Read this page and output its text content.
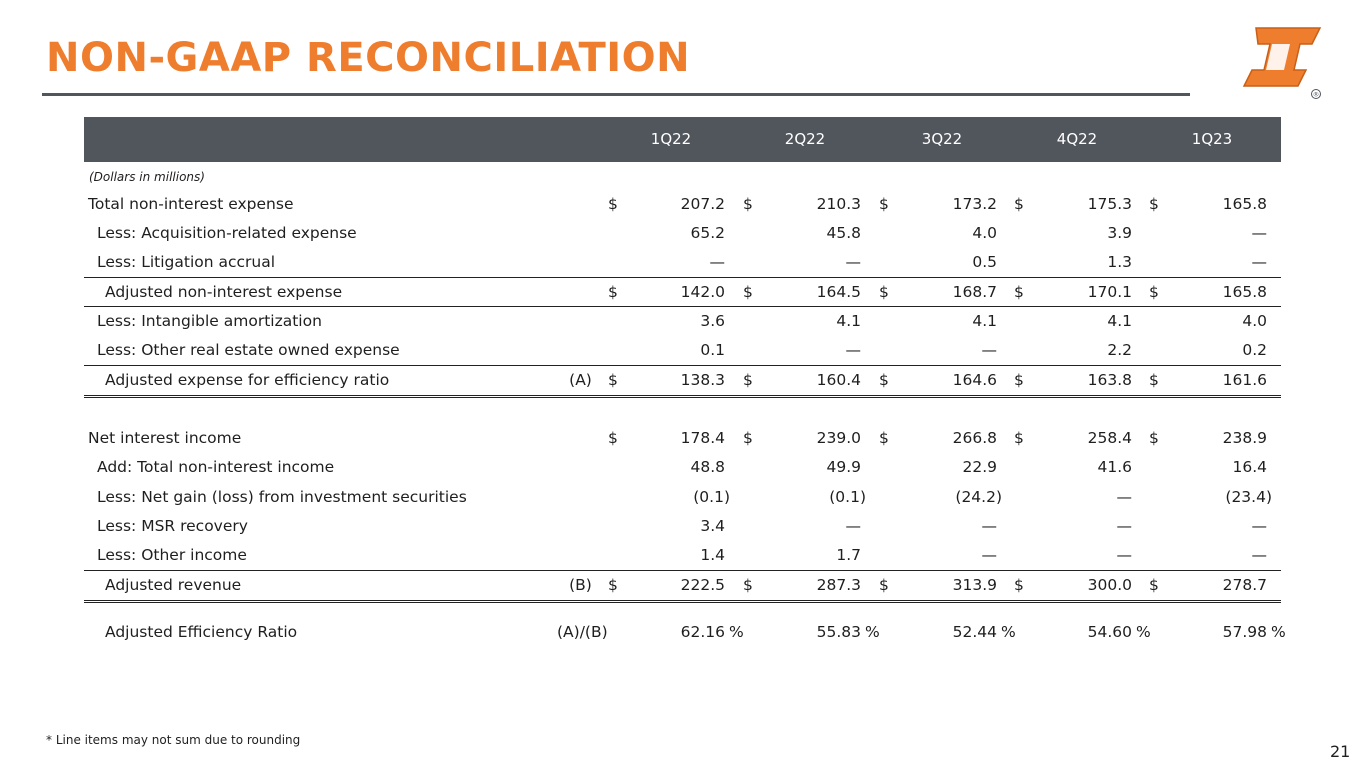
NON-GAAP RECONCILIATION
®
1Q22	2Q22	3Q22	4Q22	1Q23
(Dollars in millions)
Total non-interest expense	$	207.2 $	210.3 $	173.2 $	175.3 $	165.8
Less: Acquisition-related expense	65.2	45.8	4.0	3.9	—
Less: Litigation accrual	—	—	0.5	1.3	—
Adjusted non-interest expense	$	142.0 $	164.5 $	168.7 $	170.1 $	165.8
Less: Intangible amortization	3.6	4.1	4.1	4.1	4.0
Less: Other real estate owned expense	0.1	—	—	2.2	0.2
Adjusted expense for efficiency ratio	(A)	$	138.3 $	160.4 $	164.6 $	163.8 $	161.6
Net interest income	$	178.4 $	239.0 $	266.8 $	258.4 $	238.9
Add: Total non-interest income	48.8	49.9	22.9	41.6	16.4
Less: Net gain (loss) from investment securities	(0.1)	(0.1)	(24.2)	—	(23.4)
Less: MSR recovery	3.4	—	—	—	—
Less: Other income	1.4	1.7	—	—	—
Adjusted revenue	(B)	$	222.5 $	287.3 $	313.9 $	300.0 $	278.7
Adjusted Efficiency Ratio	(A)/(B)	62.16 %	55.83 %	52.44 %	54.60 %	57.98 %
* Line items may not sum due to rounding
21
